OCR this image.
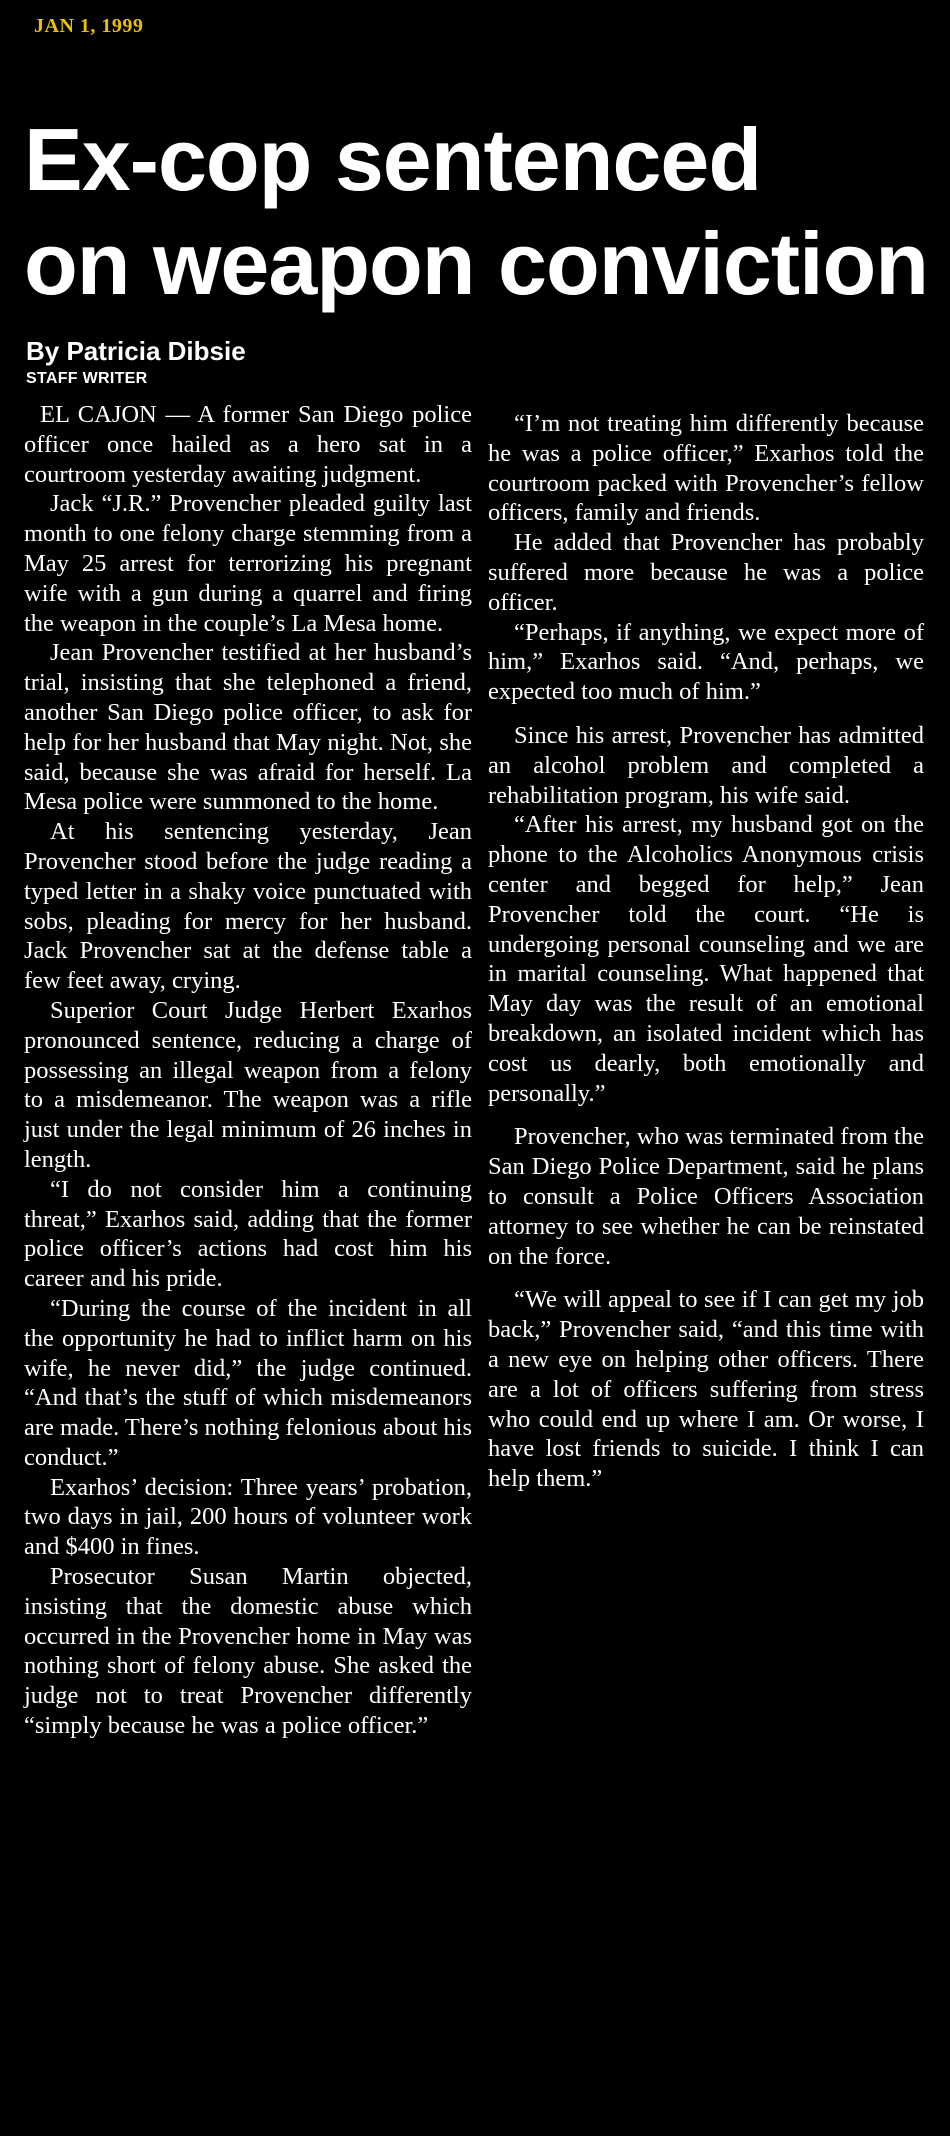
JAN 1, 1999
Ex-cop sentenced
on weapon conviction
By Patricia Dibsie
STAFF WRITER

EL CAJON — A former San Diego police officer once hailed as a hero sat in a courtroom yesterday awaiting judgment.

Jack “J.R.” Provencher pleaded guilty last month to one felony charge stemming from a May 25 arrest for terrorizing his pregnant wife with a gun during a quarrel and firing the weapon in the couple’s La Mesa home.

Jean Provencher testified at her husband’s trial, insisting that she telephoned a friend, another San Diego police officer, to ask for help for her husband that May night. Not, she said, because she was afraid for herself. La Mesa police were summoned to the home.

At his sentencing yesterday, Jean Provencher stood before the judge reading a typed letter in a shaky voice punctuated with sobs, pleading for mercy for her husband. Jack Provencher sat at the defense table a few feet away, crying.

Superior Court Judge Herbert Exarhos pronounced sentence, reducing a charge of possessing an illegal weapon from a felony to a misdemeanor. The weapon was a rifle just under the legal minimum of 26 inches in length.

“I do not consider him a continuing threat,” Exarhos said, adding that the former police officer’s actions had cost him his career and his pride.

“During the course of the incident in all the opportunity he had to inflict harm on his wife, he never did,” the judge continued. “And that’s the stuff of which misdemeanors are made. There’s nothing felonious about his conduct.”

Exarhos’ decision: Three years’ probation, two days in jail, 200 hours of volunteer work and $400 in fines.

Prosecutor Susan Martin objected, insisting that the domestic abuse which occurred in the Provencher home in May was nothing short of felony abuse. She asked the judge not to treat Provencher differently “simply because he was a police officer.”

“I’m not treating him differently because he was a police officer,” Exarhos told the courtroom packed with Provencher’s fellow officers, family and friends.

He added that Provencher has probably suffered more because he was a police officer.

“Perhaps, if anything, we expect more of him,” Exarhos said. “And, perhaps, we expected too much of him.”

Since his arrest, Provencher has admitted an alcohol problem and completed a rehabilitation program, his wife said.

“After his arrest, my husband got on the phone to the Alcoholics Anonymous crisis center and begged for help,” Jean Provencher told the court. “He is undergoing personal counseling and we are in marital counseling. What happened that May day was the result of an emotional breakdown, an isolated incident which has cost us dearly, both emotionally and personally.”

Provencher, who was terminated from the San Diego Police Department, said he plans to consult a Police Officers Association attorney to see whether he can be reinstated on the force.

“We will appeal to see if I can get my job back,” Provencher said, “and this time with a new eye on helping other officers. There are a lot of officers suffering from stress who could end up where I am. Or worse, I have lost friends to suicide. I think I can help them.”
